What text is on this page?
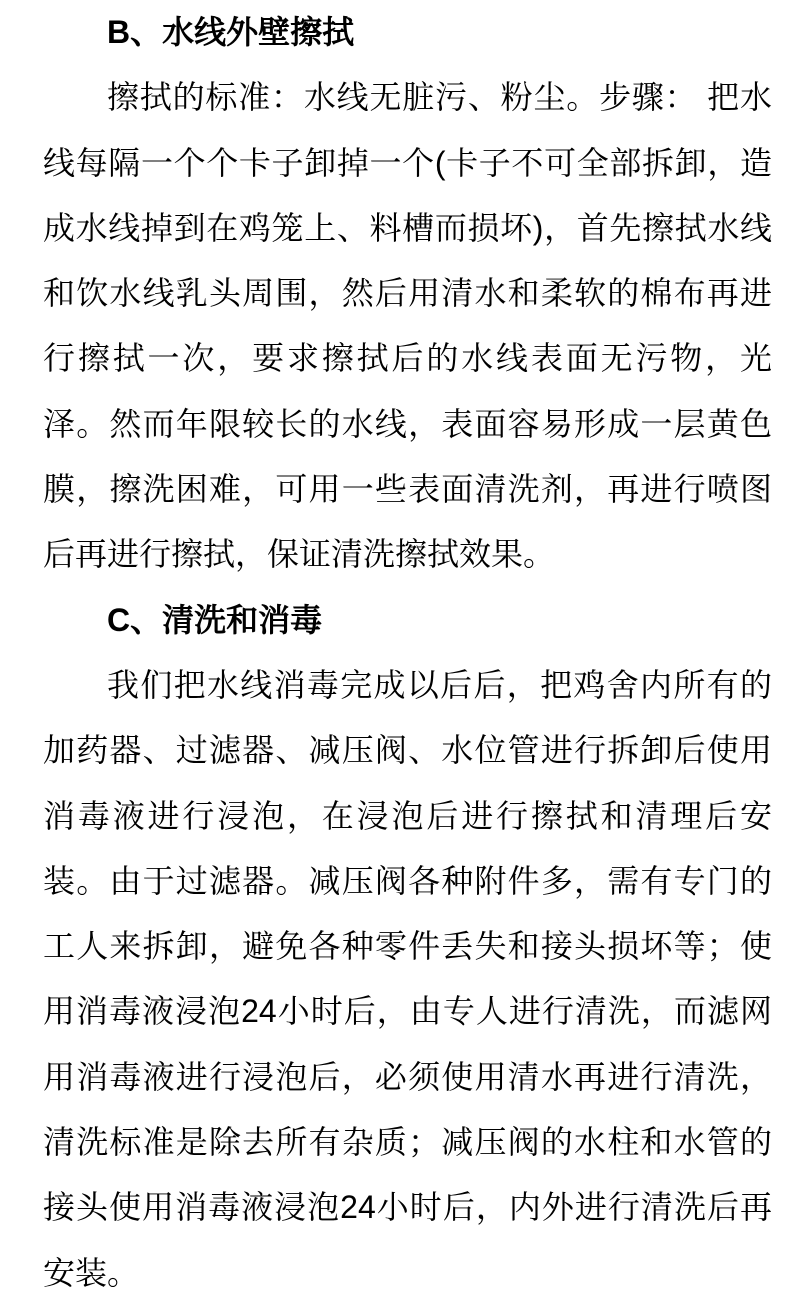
B、水线外壁擦拭
擦拭的标准：水线无脏污、粉尘。步骤： 把水
线每隔一个个卡子卸掉一个(卡子不可全部拆卸，造
成水线掉到在鸡笼上、料槽而损坏)，首先擦拭水线
和饮水线乳头周围，然后用清水和柔软的棉布再进
行擦拭一次，要求擦拭后的水线表面无污物，光
泽。然而年限较长的水线，表面容易形成一层黄色
膜，擦洗困难，可用一些表面清洗剂，再进行喷图
后再进行擦拭，保证清洗擦拭效果。
C、清洗和消毒
我们把水线消毒完成以后后，把鸡舍内所有的
加药器、过滤器、减压阀、水位管进行拆卸后使用
消毒液进行浸泡，在浸泡后进行擦拭和清理后安
装。由于过滤器。减压阀各种附件多，需有专门的
工人来拆卸，避免各种零件丢失和接头损坏等；使
用消毒液浸泡24小时后，由专人进行清洗，而滤网
用消毒液进行浸泡后，必须使用清水再进行清洗，
清洗标准是除去所有杂质；减压阀的水柱和水管的
接头使用消毒液浸泡24小时后，内外进行清洗后再
安装。
